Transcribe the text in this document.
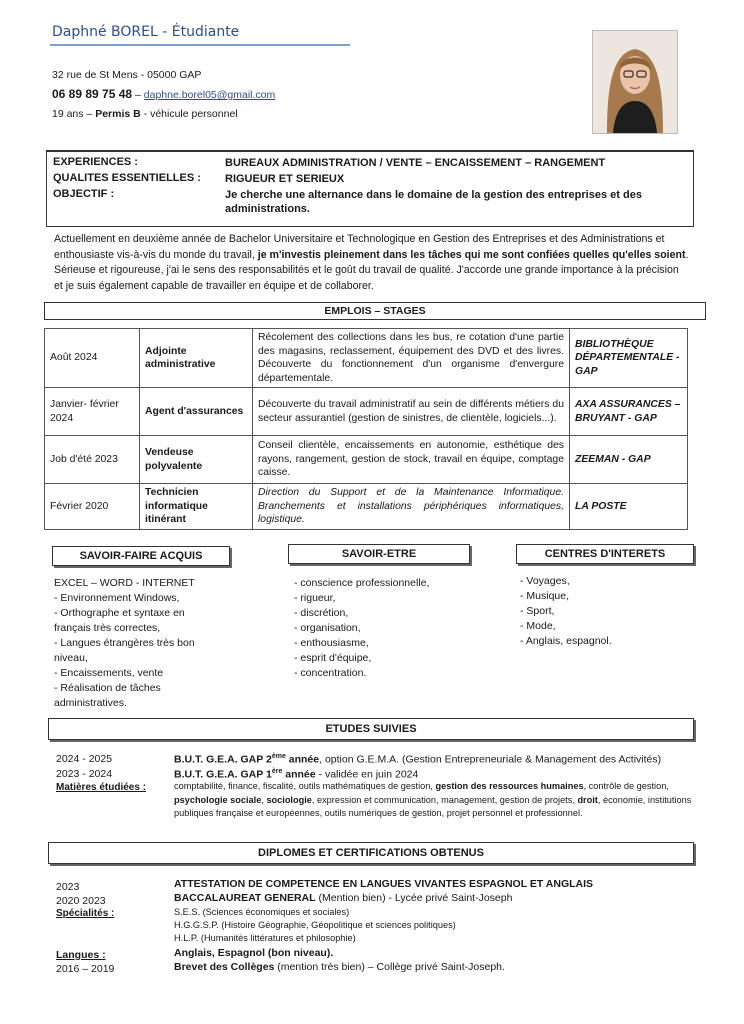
Daphné BOREL - Étudiante
32 rue de St Mens - 05000 GAP
06 89 89 75 48 – daphne.borel05@gmail.com
19 ans – Permis B - véhicule personnel
EXPERIENCES :	BUREAUX ADMINISTRATION / VENTE – ENCAISSEMENT – RANGEMENT
QUALITES ESSENTIELLES : RIGUEUR ET SERIEUX
OBJECTIF :	Je cherche une alternance dans le domaine de la gestion des entreprises et des administrations.
Actuellement en deuxième année de Bachelor Universitaire et Technologique en Gestion des Entreprises et des Administrations et enthousiaste vis-à-vis du monde du travail, je m'investis pleinement dans les tâches qui me sont confiées quelles qu'elles soient. Sérieuse et rigoureuse, j'ai le sens des responsabilités et le goût du travail de qualité. J'accorde une grande importance à la précision et je suis également capable de travailler en équipe et de collaborer.
EMPLOIS – STAGES
Août 2024	Adjointe administrative	Récolement des collections dans les bus, re cotation d'une partie des magasins, reclassement, équipement des DVD et des livres. Découverte du fonctionnement d'un organisme d'envergure départementale.	BIBLIOTHÈQUE DÉPARTEMENTALE - GAP
Janvier- février 2024	Agent d'assurances	Découverte du travail administratif au sein de différents métiers du secteur assurantiel (gestion de sinistres, de clientèle, logiciels...).	AXA ASSURANCES – BRUYANT - GAP
Job d'été 2023	Vendeuse polyvalente	Conseil clientèle, encaissements en autonomie, esthétique des rayons, rangement, gestion de stock, travail en équipe, comptage caisse.	ZEEMAN - GAP
Février 2020	Technicien informatique itinérant	Direction du Support et de la Maintenance Informatique. Branchements et installations périphériques informatiques, logistique.	LA POSTE
SAVOIR-FAIRE ACQUIS	SAVOIR-ETRE	CENTRES D'INTERETS
EXCEL – WORD - INTERNET
- Environnement Windows,
- Orthographe et syntaxe en français très correctes,
- Langues étrangères très bon niveau,
- Encaissements, vente
- Réalisation de tâches administratives.
- conscience professionnelle,
- rigueur,
- discrétion,
- organisation,
- enthousiasme,
- esprit d'équipe,
- concentration.
- Voyages,
- Musique,
- Sport,
- Mode,
- Anglais, espagnol.
ETUDES SUIVIES
2024 - 2025	B.U.T. G.E.A. GAP 2ème année, option G.E.M.A. (Gestion Entrepreneuriale & Management des Activités)
2023 - 2024	B.U.T. G.E.A. GAP 1ère année - validée en juin 2024
Matières étudiées :	comptabilité, finance, fiscalité, outils mathématiques de gestion, gestion des ressources humaines, contrôle de gestion, psychologie sociale, sociologie, expression et communication, management, gestion de projets, droit, économie, institutions publiques française et européennes, outils numériques de gestion, projet personnel et professionnel.
DIPLOMES ET CERTIFICATIONS OBTENUS
2023	ATTESTATION DE COMPETENCE EN LANGUES VIVANTES ESPAGNOL ET ANGLAIS
2020 2023	BACCALAUREAT GENERAL (Mention bien) - Lycée privé Saint-Joseph
Spécialités :	S.E.S. (Sciences économiques et sociales)
H.G.G.S.P. (Histoire Géographie, Géopolitique et sciences politiques)
H.L.P. (Humanités littératures et philosophie)
Langues :	Anglais, Espagnol (bon niveau).
2016 – 2019	Brevet des Collèges (mention très bien) – Collège privé Saint-Joseph.
